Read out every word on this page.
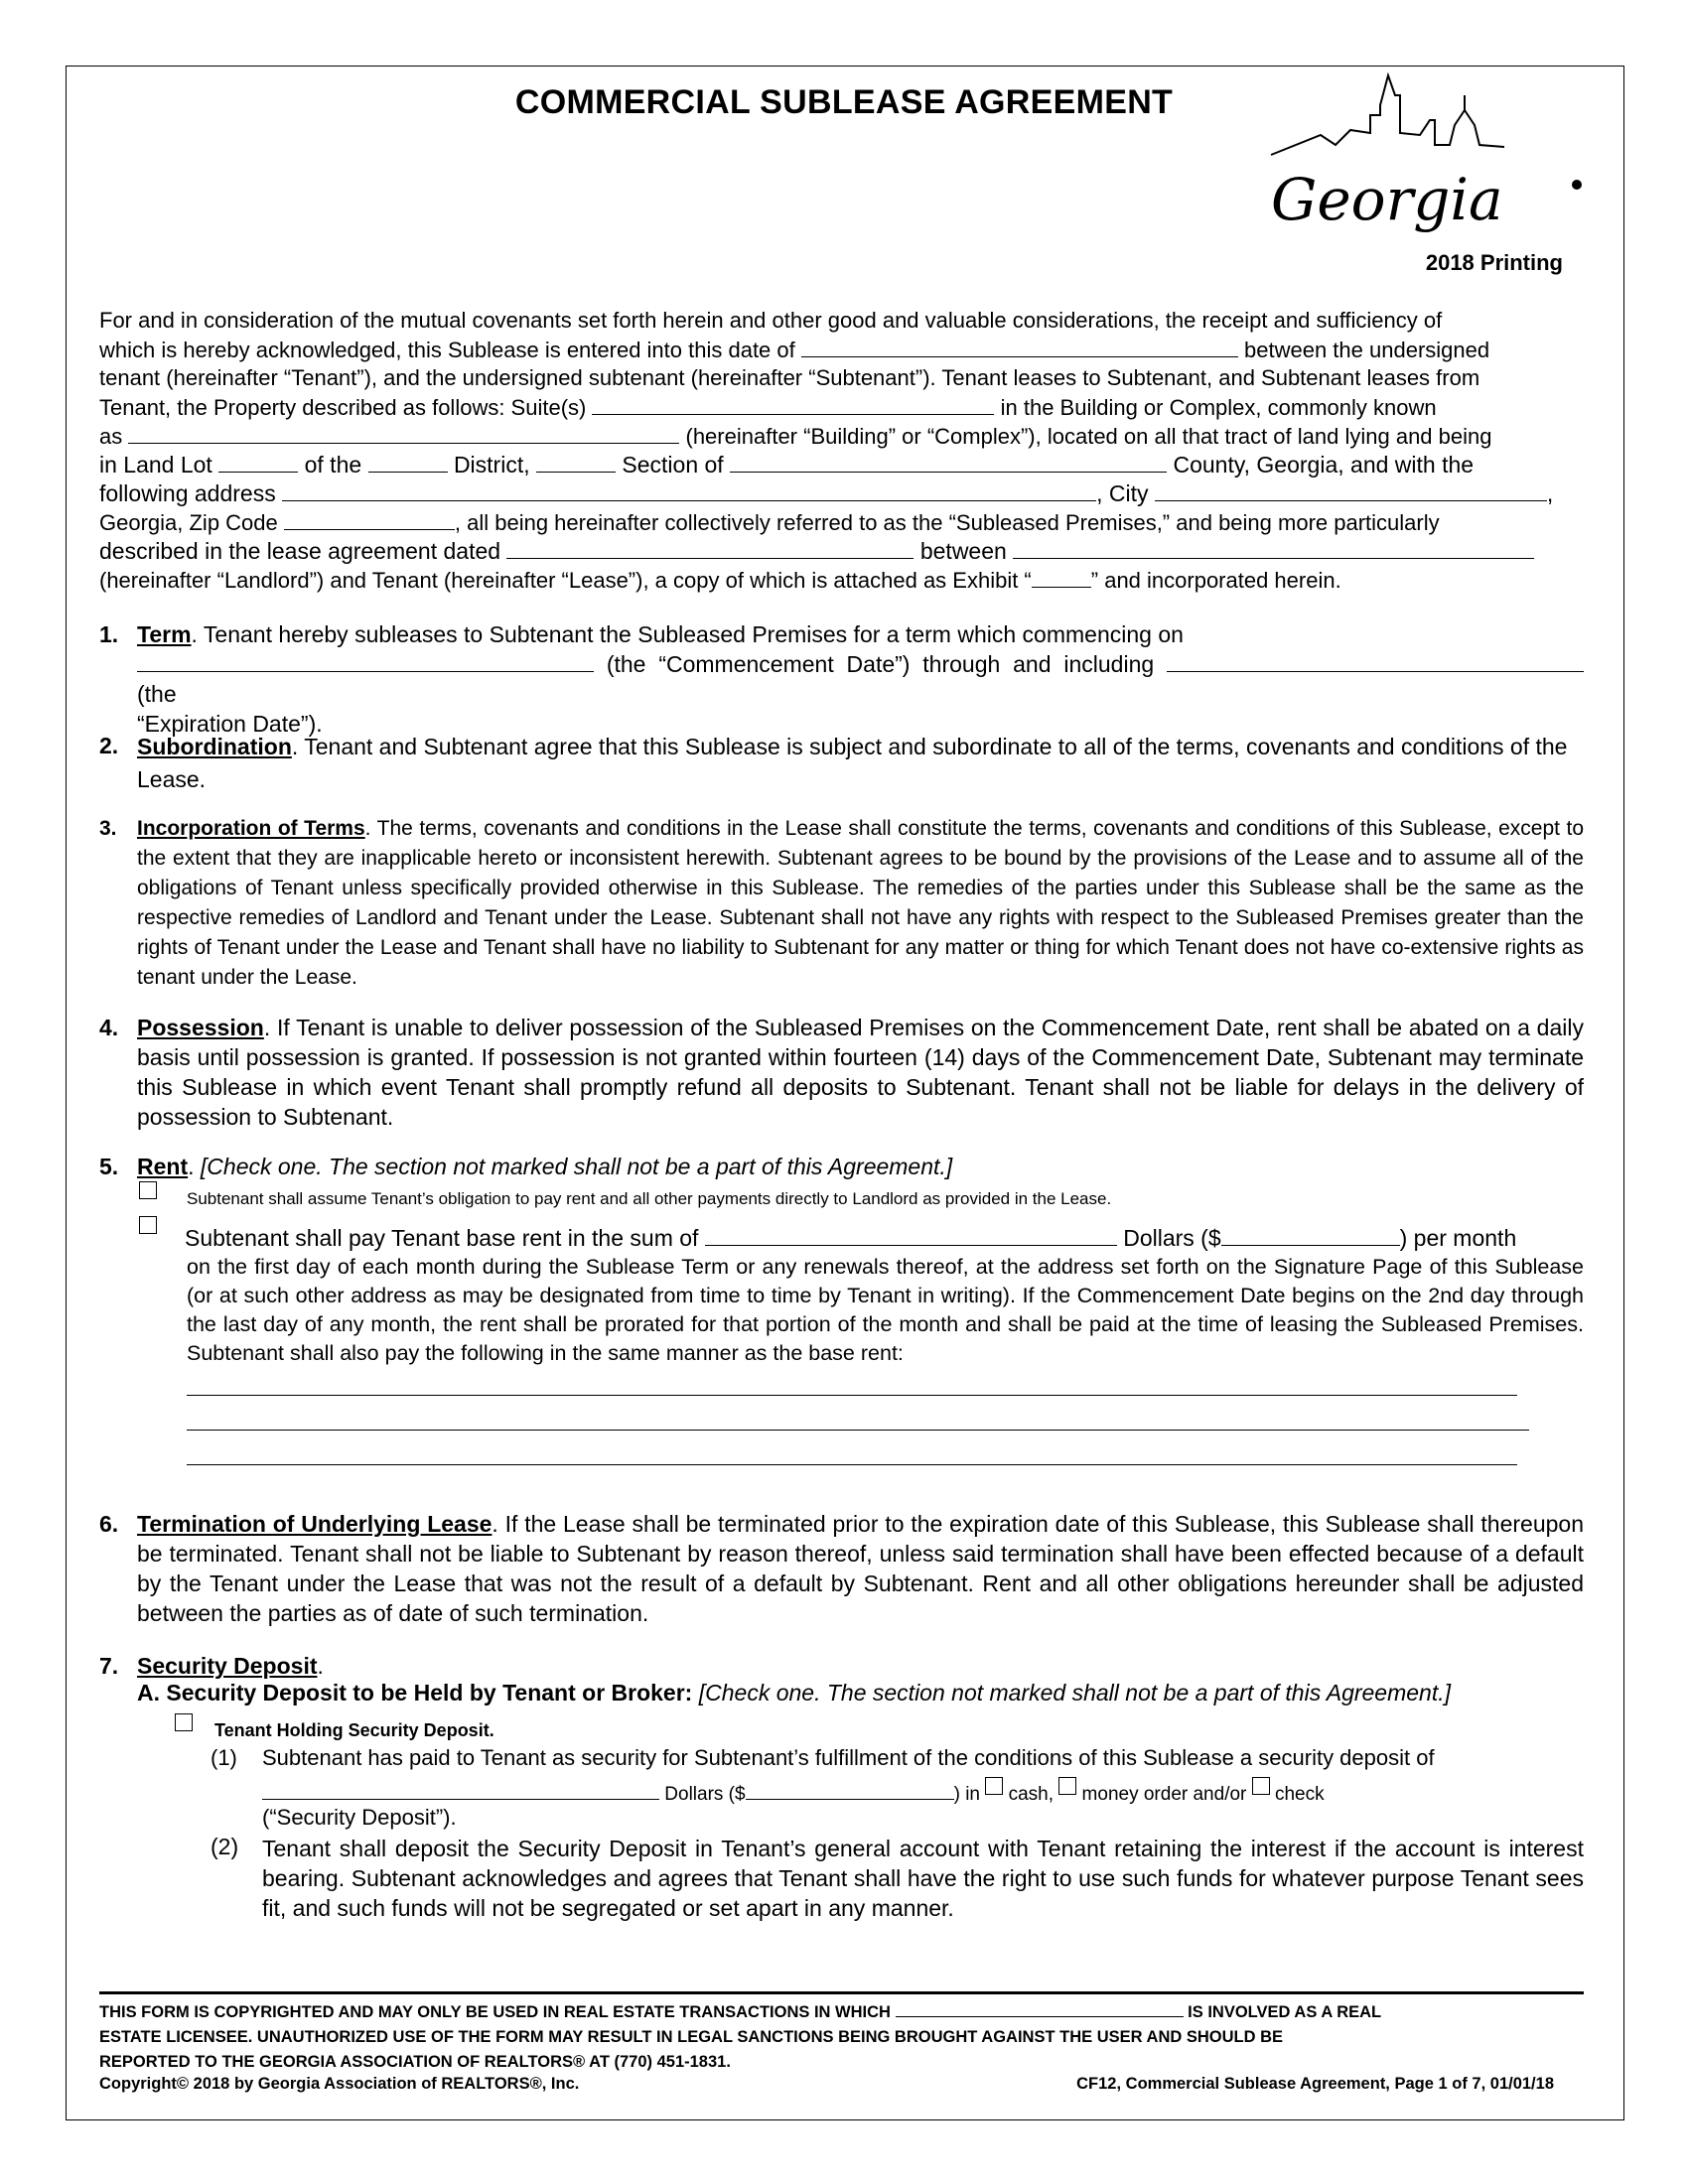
COMMERCIAL SUBLEASE AGREEMENT
Georgia
2018 Printing
For and in consideration of the mutual covenants set forth herein and other good and valuable considerations, the receipt and sufficiency of
which is hereby acknowledged, this Sublease is entered into this date of	between the undersigned
tenant (hereinafter “Tenant”), and the undersigned subtenant (hereinafter “Subtenant”). Tenant leases to Subtenant, and Subtenant leases from
Tenant, the Property described as follows: Suite(s)	in the Building or Complex, commonly known
as	(hereinafter “Building” or “Complex”), located on all that tract of land lying and being
in Land Lot	of the	District,	Section of	County, Georgia, and with the
following address	, City	,
Georgia, Zip Code	, all being hereinafter collectively referred to as the “Subleased Premises,” and being more particularly
described in the lease agreement dated	between
(hereinafter “Landlord”) and Tenant (hereinafter “Lease”), a copy of which is attached as Exhibit “	” and incorporated herein.
1. Term. Tenant hereby subleases to Subtenant the Subleased Premises for a term which commencing on
(the “Commencement Date”) through and including  (the
“Expiration Date”).
2. Subordination. Tenant and Subtenant agree that this Sublease is subject and subordinate to all of the terms, covenants and conditions of the Lease.
3. Incorporation of Terms. The terms, covenants and conditions in the Lease shall constitute the terms, covenants and conditions of this Sublease, except to the extent that they are inapplicable hereto or inconsistent herewith. Subtenant agrees to be bound by the provisions of the Lease and to assume all of the obligations of Tenant unless specifically provided otherwise in this Sublease. The remedies of the parties under this Sublease shall be the same as the respective remedies of Landlord and Tenant under the Lease. Subtenant shall not have any rights with respect to the Subleased Premises greater than the rights of Tenant under the Lease and Tenant shall have no liability to Subtenant for any matter or thing for which Tenant does not have co-extensive rights as tenant under the Lease.
4. Possession. If Tenant is unable to deliver possession of the Subleased Premises on the Commencement Date, rent shall be abated on a daily basis until possession is granted. If possession is not granted within fourteen (14) days of the Commencement Date, Subtenant may terminate this Sublease in which event Tenant shall promptly refund all deposits to Subtenant. Tenant shall not be liable for delays in the delivery of possession to Subtenant.
5. Rent. [Check one. The section not marked shall not be a part of this Agreement.]
Subtenant shall assume Tenant’s obligation to pay rent and all other payments directly to Landlord as provided in the Lease.
Subtenant shall pay Tenant base rent in the sum of	Dollars ($	) per month
on the first day of each month during the Sublease Term or any renewals thereof, at the address set forth on the Signature Page of this Sublease (or at such other address as may be designated from time to time by Tenant in writing). If the Commencement Date begins on the 2nd day through the last day of any month, the rent shall be prorated for that portion of the month and shall be paid at the time of leasing the Subleased Premises. Subtenant shall also pay the following in the same manner as the base rent:
6. Termination of Underlying Lease. If the Lease shall be terminated prior to the expiration date of this Sublease, this Sublease shall thereupon be terminated. Tenant shall not be liable to Subtenant by reason thereof, unless said termination shall have been effected because of a default by the Tenant under the Lease that was not the result of a default by Subtenant. Rent and all other obligations hereunder shall be adjusted between the parties as of date of such termination.
7. Security Deposit.
A. Security Deposit to be Held by Tenant or Broker: [Check one. The section not marked shall not be a part of this Agreement.]
Tenant Holding Security Deposit.
(1) Subtenant has paid to Tenant as security for Subtenant’s fulfillment of the conditions of this Sublease a security deposit of
Dollars ($	) in cash, money order and/or check
(“Security Deposit”).
(2) Tenant shall deposit the Security Deposit in Tenant’s general account with Tenant retaining the interest if the account is interest bearing. Subtenant acknowledges and agrees that Tenant shall have the right to use such funds for whatever purpose Tenant sees fit, and such funds will not be segregated or set apart in any manner.
THIS FORM IS COPYRIGHTED AND MAY ONLY BE USED IN REAL ESTATE TRANSACTIONS IN WHICH	IS INVOLVED AS A REAL
ESTATE LICENSEE. UNAUTHORIZED USE OF THE FORM MAY RESULT IN LEGAL SANCTIONS BEING BROUGHT AGAINST THE USER AND SHOULD BE
REPORTED TO THE GEORGIA ASSOCIATION OF REALTORS® AT (770) 451-1831.
Copyright© 2018 by Georgia Association of REALTORS®, Inc.	CF12, Commercial Sublease Agreement, Page 1 of 7, 01/01/18
